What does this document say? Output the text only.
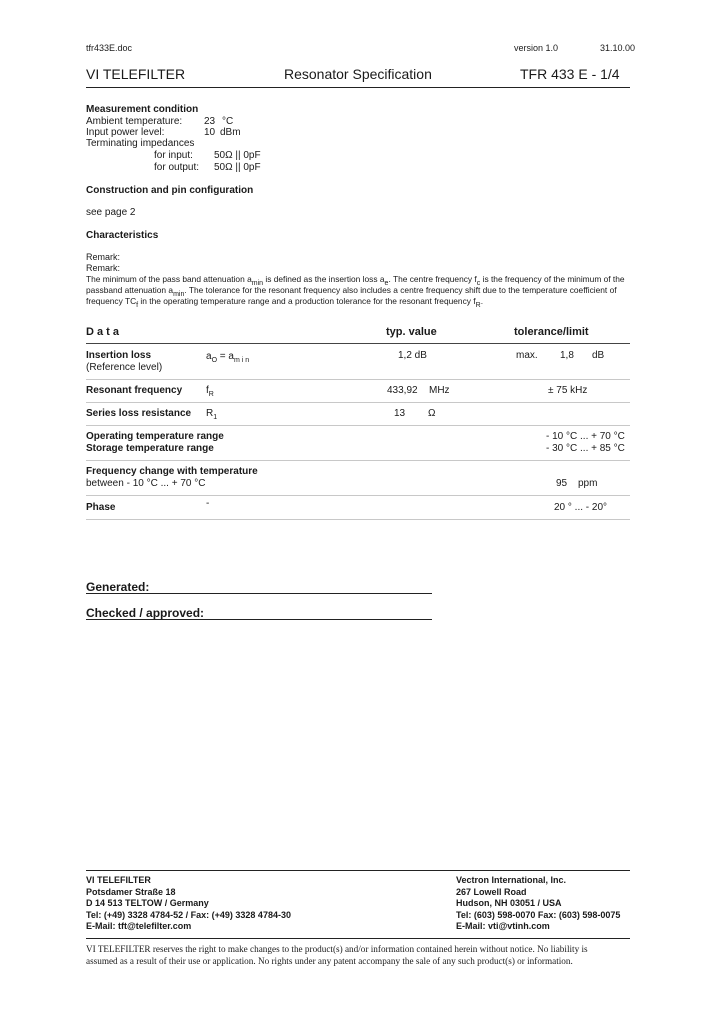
tfr433E.doc	version 1.0	31.10.00
VI TELEFILTER	Resonator Specification	TFR 433 E - 1/4
Measurement condition
Ambient temperature: 23 °C
Input power level:	10 dBm
Terminating impedances
for input: 50Ω || 0pF
for output: 50Ω || 0pF
Construction and pin configuration
see page 2
Characteristics
Remark:
Remark:
The minimum of the pass band attenuation $a_{min}$ is defined as the insertion loss $a_e$. The centre frequency $f_c$ is the frequency of the minimum of the
passband attenuation $a_{min}$. The tolerance for the resonant frequency also includes a centre frequency shift due to the temperature coefficient of
frequency $TC_f$ in the operating temperature range and a production tolerance for the resonant frequency $f_R$.
D a t a	typ. value	tolerance/limit
Insertion loss
(Reference level)
$a_O = a_{m i n}$	1,2 dB	max. 1,8 dB
Resonant frequency $f_R$	433,92 MHz	± 75 kHz
Series loss resistance $R_1$	13 Ω
Operating temperature range	- 10 °C ... + 70 °C
Storage temperature range	- 30 °C ... + 85 °C
Frequency change with temperature
between - 10 °C ... + 70 °C	95 ppm
Phase	-	20 ° ... - 20°
Generated:
Checked / approved:
VI TELEFILTER
Potsdamer Straße 18
D 14 513 TELTOW / Germany
Tel: (+49) 3328 4784-52 / Fax: (+49) 3328 4784-30
E-Mail: tft@telefilter.com
Vectron International, Inc.
267 Lowell Road
Hudson, NH 03051 / USA
Tel: (603) 598-0070 Fax: (603) 598-0075
E-Mail: vti@vtinh.com
VI TELEFILTER reserves the right to make changes to the product(s) and/or information contained herein without notice. No liability is
assumed as a result of their use or application. No rights under any patent accompany the sale of any such product(s) or information.
